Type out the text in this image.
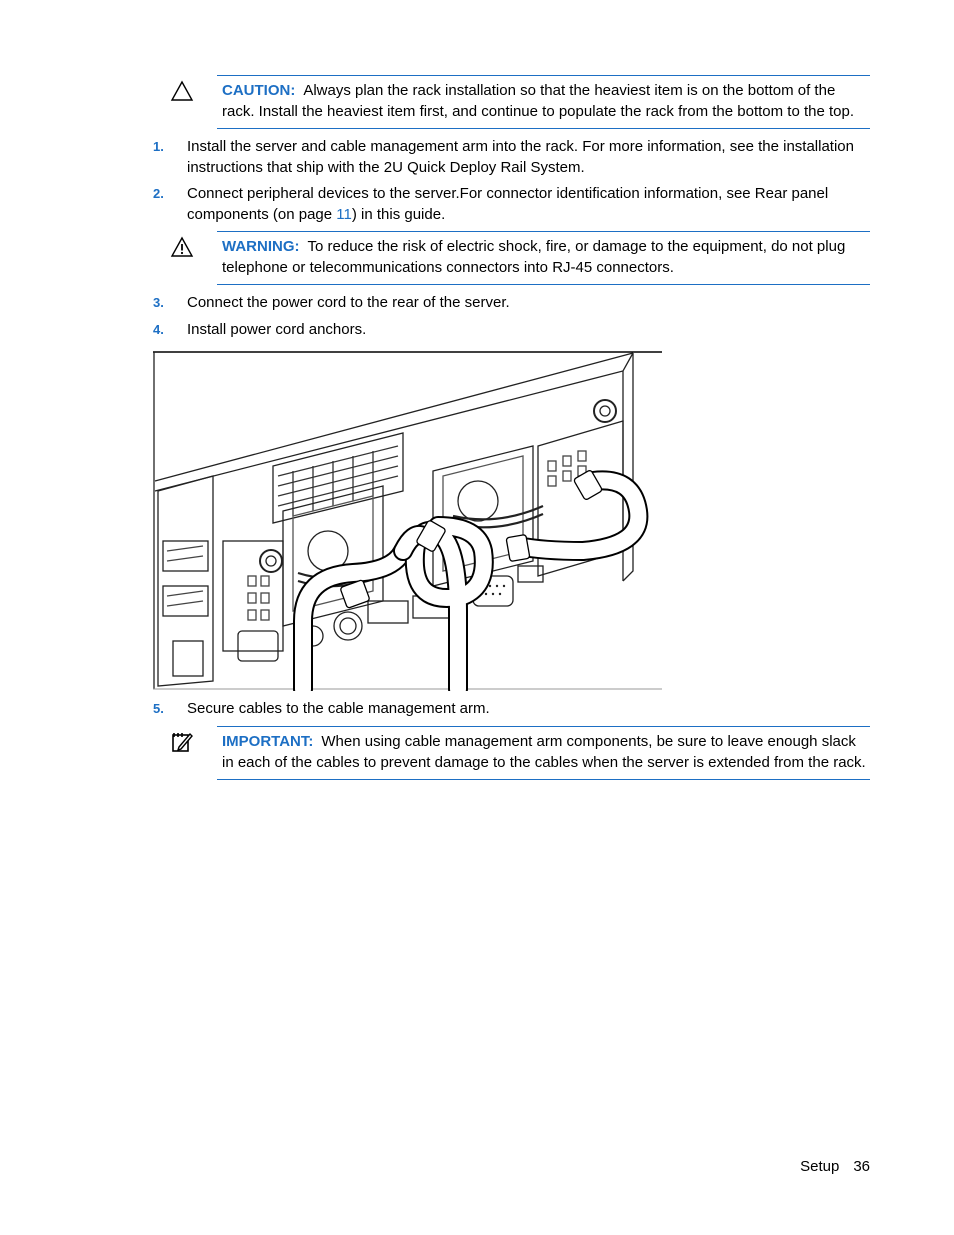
CAUTION: Always plan the rack installation so that the heaviest item is on the bottom of the rack. Install the heaviest item first, and continue to populate the rack from the bottom to the top.
1. Install the server and cable management arm into the rack. For more information, see the installation instructions that ship with the 2U Quick Deploy Rail System.
2. Connect peripheral devices to the server.For connector identification information, see Rear panel components (on page 11) in this guide.
WARNING: To reduce the risk of electric shock, fire, or damage to the equipment, do not plug telephone or telecommunications connectors into RJ-45 connectors.
3. Connect the power cord to the rear of the server.
4. Install power cord anchors.
5. Secure cables to the cable management arm.
IMPORTANT: When using cable management arm components, be sure to leave enough slack in each of the cables to prevent damage to the cables when the server is extended from the rack.
Setup 36
